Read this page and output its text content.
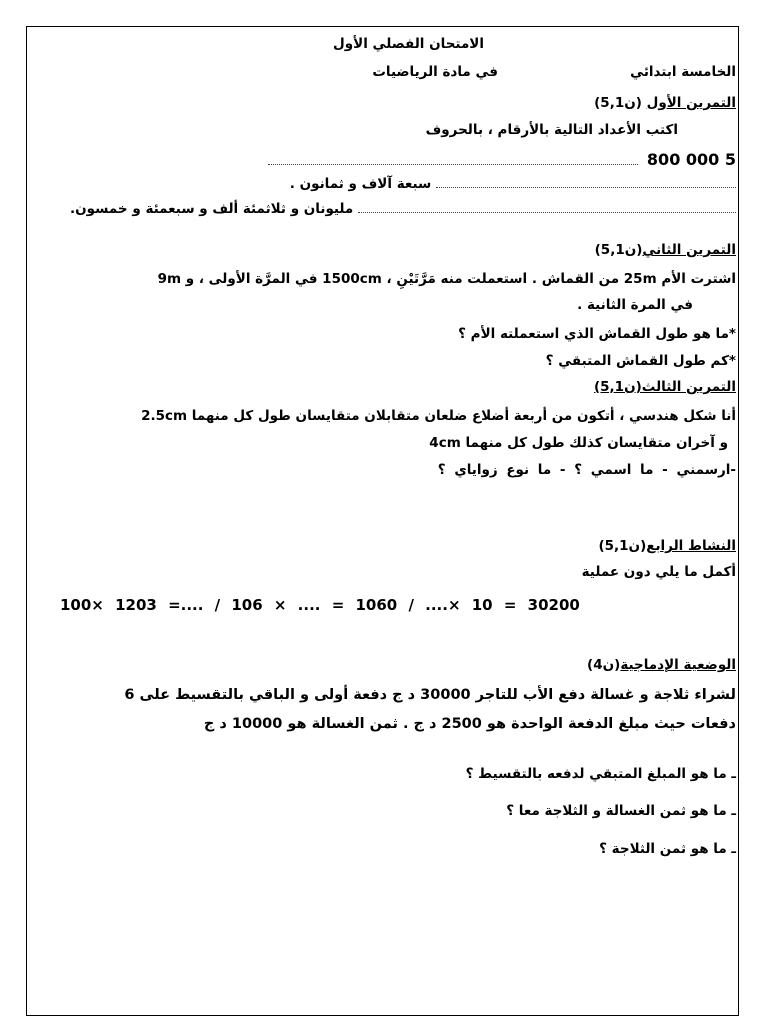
الامتحان الفصلي الأول
الخامسة ابتدائي
في مادة الرياضيات
التمرين الأول (5,1ن)
اكتب الأعداد التالية بالأرقام ، بالحروف
800 000 5
سبعة آلاف و ثمانون .
مليونان و ثلاثمئة ألف و سبعمئة و خمسون.
التمرين الثاني(5,1ن)
اشترت الأم 25m من القماش . استعملت منه مَرَّتَيْنِ ، 1500cm في المرَّة الأولى ، و 9m
في المرة الثانية .
*ما هو طول القماش الذي استعملته الأم ؟
*كم طول القماش المتبقي ؟
التمرين الثالث(5,1ن)
أنا شكل هندسي ، أتكون من أربعة أضلاع ضلعان متقابلان متقايسان طول كل منهما 2.5cm
و آخران متقايسان كذلك طول كل منهما 4cm
-ارسمني - ما اسمي ؟ - ما نوع زواياي ؟
النشاط الرابع(5,1ن)
أكمل ما يلي دون عملية
100× 1203 =.... / 106 × .... = 1060 / ....× 10 = 30200
الوضعية الإدماجية(4ن)
لشراء ثلاجة و غسالة دفع الأب للتاجر 30000 د ج دفعة أولى و الباقي بالتقسيط على 6
دفعات حيث مبلغ الدفعة الواحدة هو 2500 د ج . ثمن الغسالة هو 10000 د ج
ـ ما هو المبلغ المتبقي لدفعه بالتقسيط ؟
ـ ما هو ثمن الغسالة و الثلاجة معا ؟
ـ ما هو ثمن الثلاجة ؟
